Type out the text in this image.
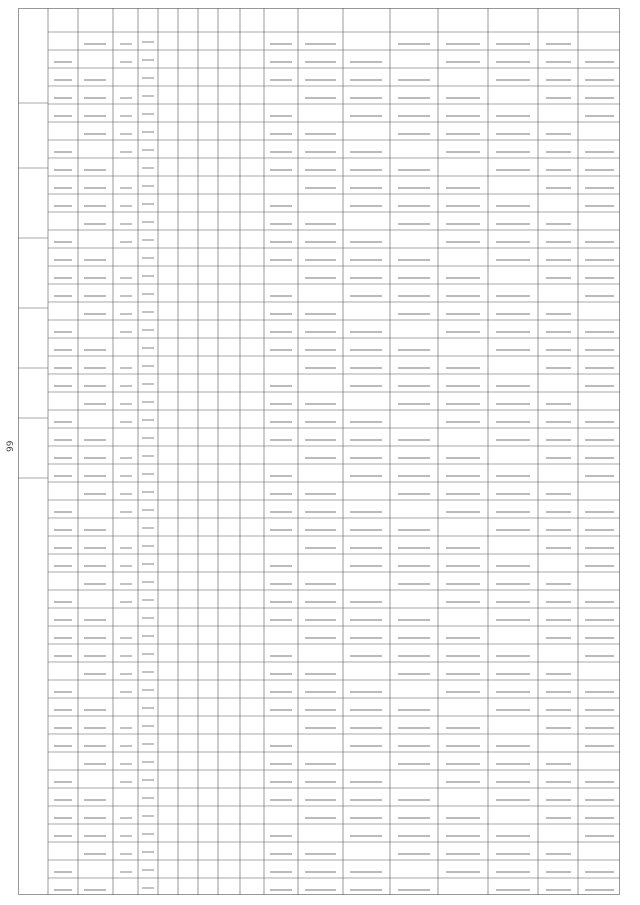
99
